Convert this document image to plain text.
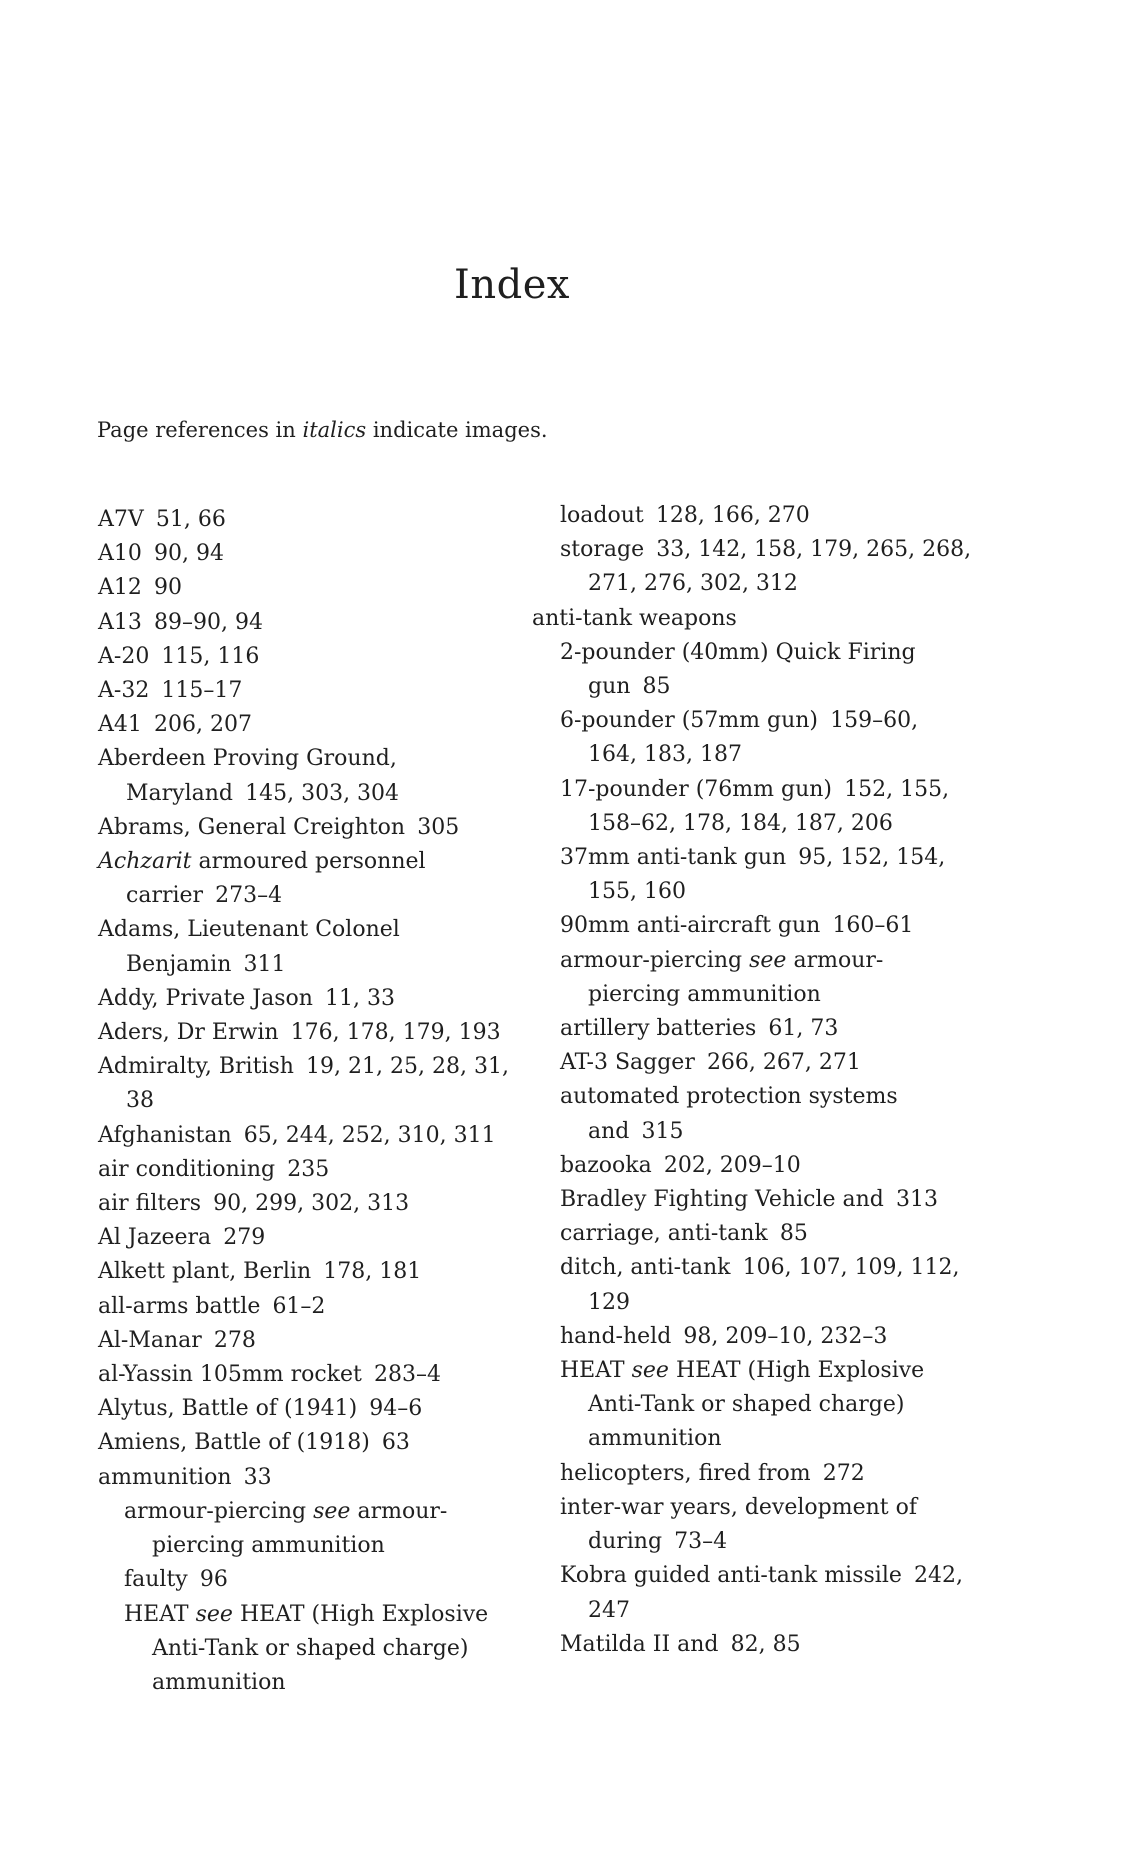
Index

Page references in italics indicate images.

A7V 51, 66
A10 90, 94
A12 90
A13 89–90, 94
A-20 115, 116
A-32 115–17
A41 206, 207
Aberdeen Proving Ground, Maryland 145, 303, 304
Abrams, General Creighton 305
Achzarit armoured personnel carrier 273–4
Adams, Lieutenant Colonel Benjamin 311
Addy, Private Jason 11, 33
Aders, Dr Erwin 176, 178, 179, 193
Admiralty, British 19, 21, 25, 28, 31, 38
Afghanistan 65, 244, 252, 310, 311
air conditioning 235
air filters 90, 299, 302, 313
Al Jazeera 279
Alkett plant, Berlin 178, 181
all-arms battle 61–2
Al-Manar 278
al-Yassin 105mm rocket 283–4
Alytus, Battle of (1941) 94–6
Amiens, Battle of (1918) 63
ammunition 33
armour-piercing see armour-piercing ammunition
faulty 96
HEAT see HEAT (High Explosive Anti-Tank or shaped charge) ammunition
loadout 128, 166, 270
storage 33, 142, 158, 179, 265, 268, 271, 276, 302, 312
anti-tank weapons
2-pounder (40mm) Quick Firing gun 85
6-pounder (57mm gun) 159–60, 164, 183, 187
17-pounder (76mm gun) 152, 155, 158–62, 178, 184, 187, 206
37mm anti-tank gun 95, 152, 154, 155, 160
90mm anti-aircraft gun 160–61
armour-piercing see armour-piercing ammunition
artillery batteries 61, 73
AT-3 Sagger 266, 267, 271
automated protection systems and 315
bazooka 202, 209–10
Bradley Fighting Vehicle and 313
carriage, anti-tank 85
ditch, anti-tank 106, 107, 109, 112, 129
hand-held 98, 209–10, 232–3
HEAT see HEAT (High Explosive Anti-Tank or shaped charge) ammunition
helicopters, fired from 272
inter-war years, development of during 73–4
Kobra guided anti-tank missile 242, 247
Matilda II and 82, 85
